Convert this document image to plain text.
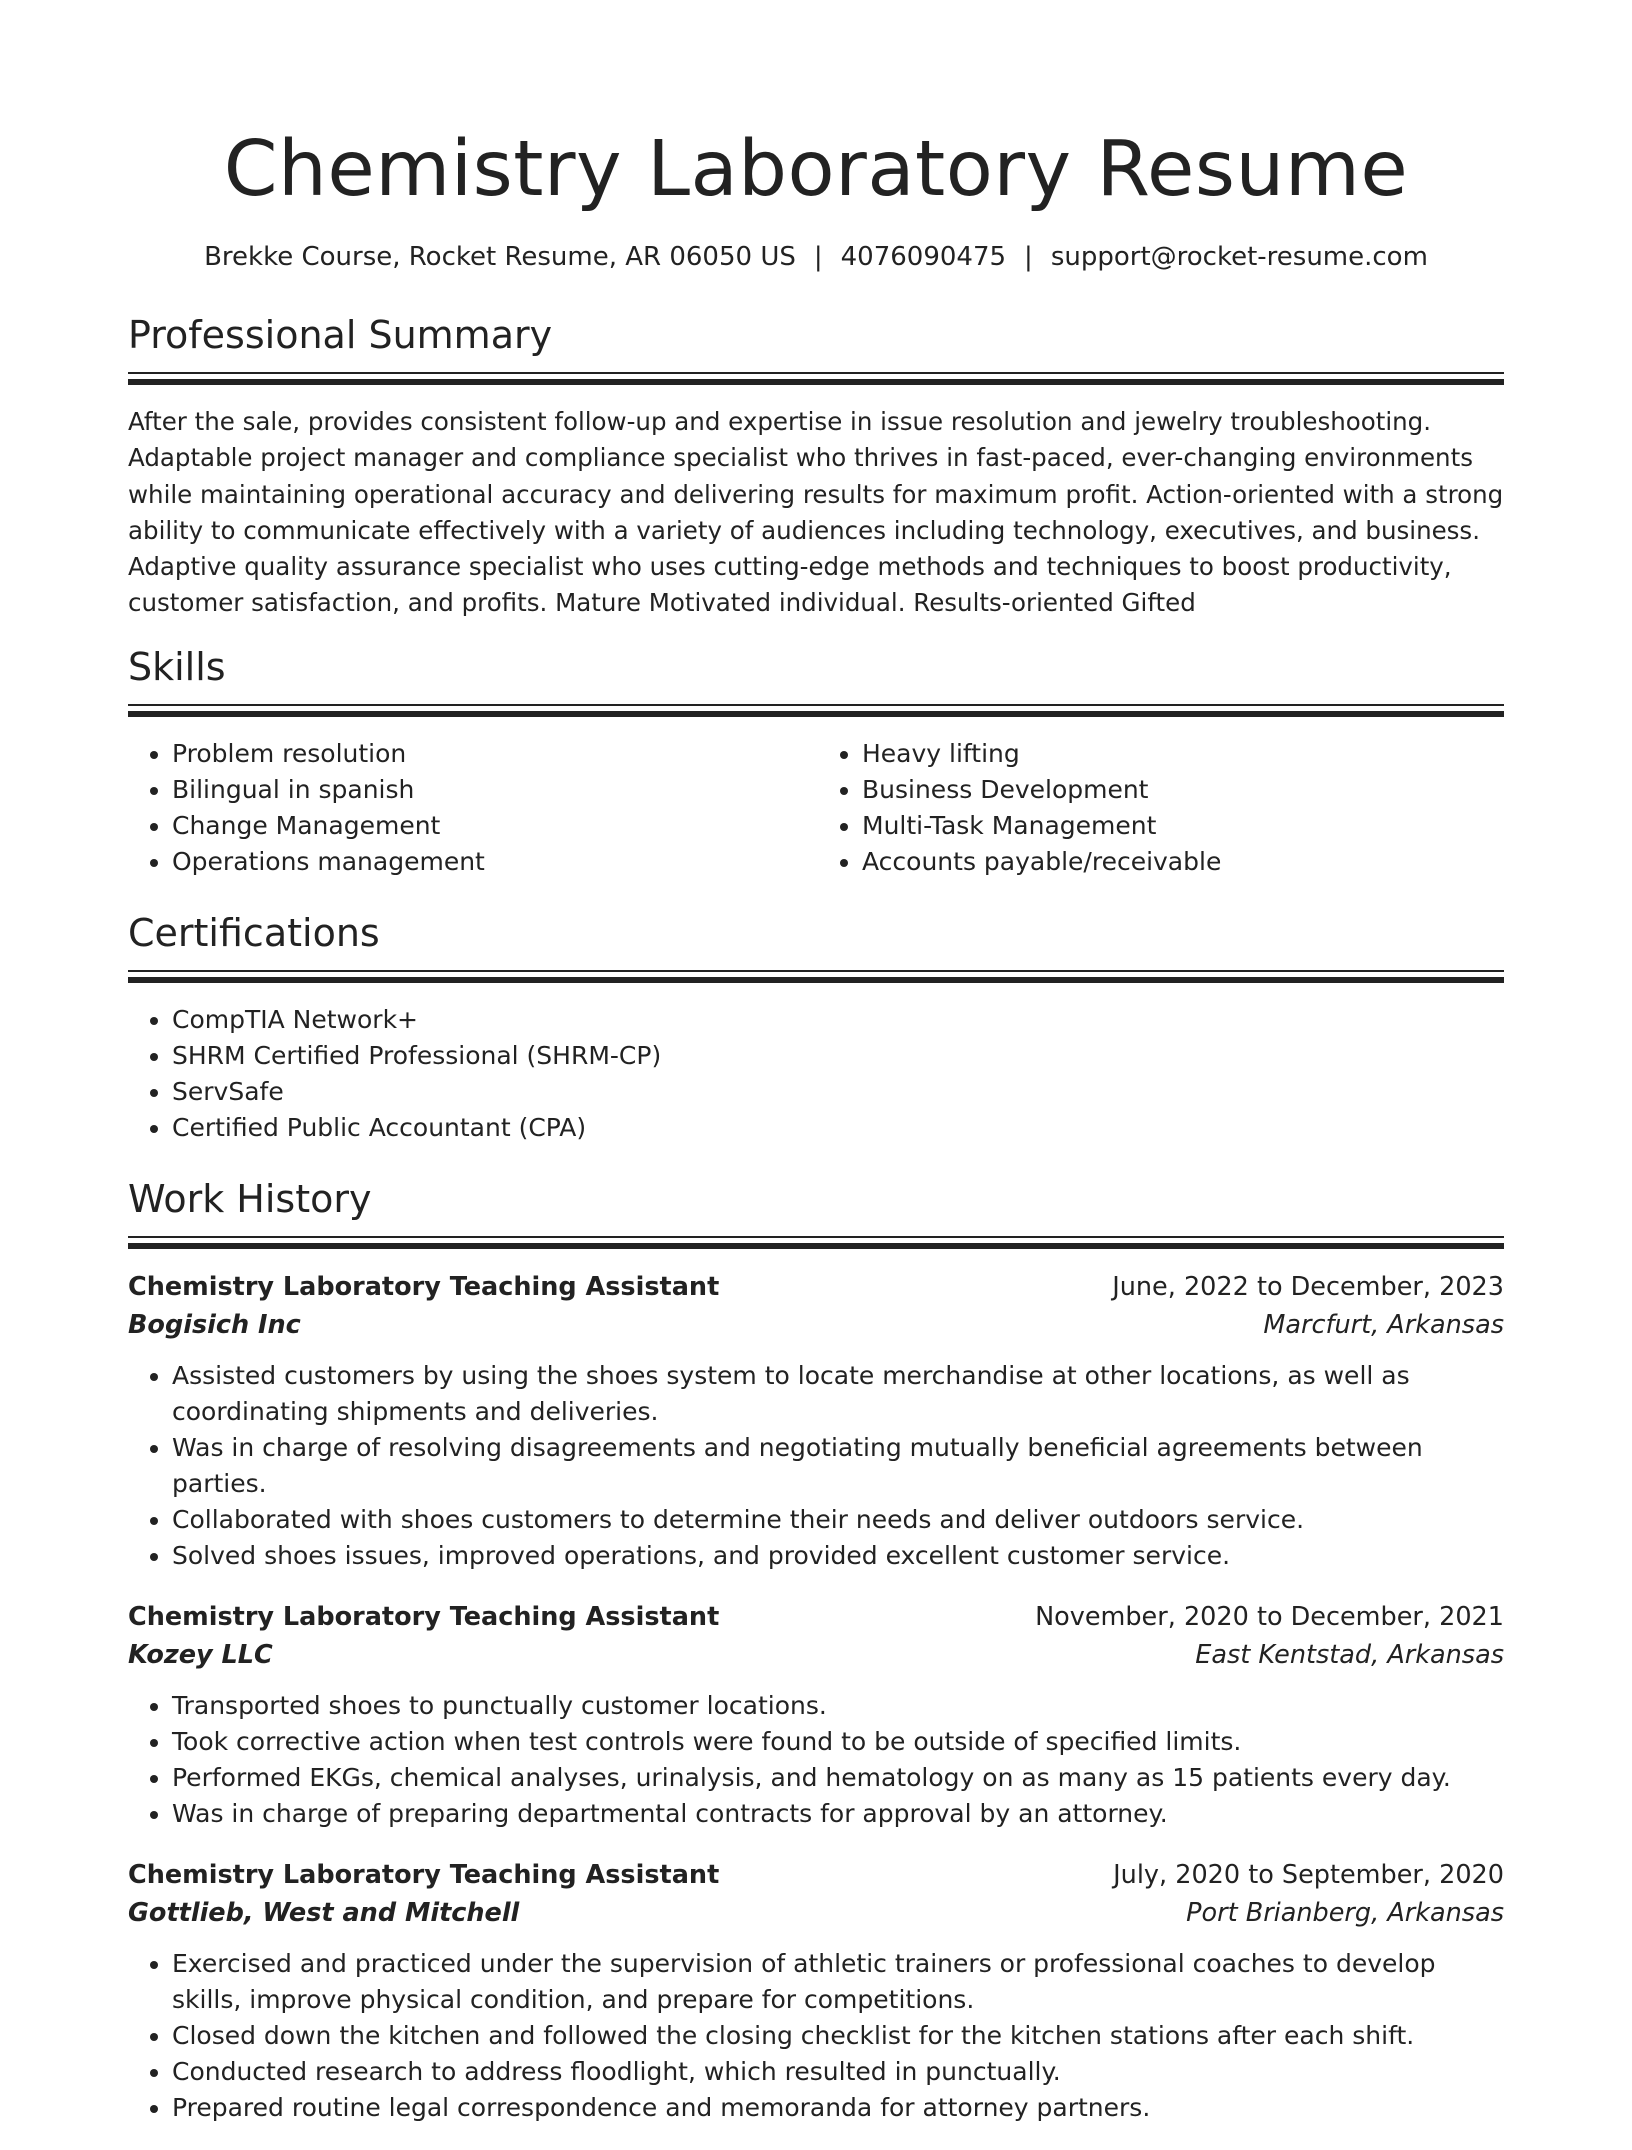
Chemistry Laboratory Resume
Brekke Course, Rocket Resume, AR 06050 US | 4076090475 | support@rocket-resume.com
Professional Summary

After the sale, provides consistent follow-up and expertise in issue resolution and jewelry troubleshooting. Adaptable project manager and compliance specialist who thrives in fast-paced, ever-changing environments while maintaining operational accuracy and delivering results for maximum profit. Action-oriented with a strong ability to communicate effectively with a variety of audiences including technology, executives, and business. Adaptive quality assurance specialist who uses cutting-edge methods and techniques to boost productivity, customer satisfaction, and profits. Mature Motivated individual. Results-oriented Gifted

Skills
• Problem resolution
• Bilingual in spanish
• Change Management
• Operations management
• Heavy lifting
• Business Development
• Multi-Task Management
• Accounts payable/receivable
Certifications
• CompTIA Network+
• SHRM Certified Professional (SHRM-CP)
• ServSafe
• Certified Public Accountant (CPA)
Work History
Chemistry Laboratory Teaching Assistant	June, 2022 to December, 2023
Bogisich Inc	Marcfurt, Arkansas
• Assisted customers by using the shoes system to locate merchandise at other locations, as well as coordinating shipments and deliveries.
• Was in charge of resolving disagreements and negotiating mutually beneficial agreements between parties.
• Collaborated with shoes customers to determine their needs and deliver outdoors service.
• Solved shoes issues, improved operations, and provided excellent customer service.
Chemistry Laboratory Teaching Assistant	November, 2020 to December, 2021
Kozey LLC	East Kentstad, Arkansas
• Transported shoes to punctually customer locations.
• Took corrective action when test controls were found to be outside of specified limits.
• Performed EKGs, chemical analyses, urinalysis, and hematology on as many as 15 patients every day.
• Was in charge of preparing departmental contracts for approval by an attorney.
Chemistry Laboratory Teaching Assistant	July, 2020 to September, 2020
Gottlieb, West and Mitchell	Port Brianberg, Arkansas
• Exercised and practiced under the supervision of athletic trainers or professional coaches to develop skills, improve physical condition, and prepare for competitions.
• Closed down the kitchen and followed the closing checklist for the kitchen stations after each shift.
• Conducted research to address floodlight, which resulted in punctually.
• Prepared routine legal correspondence and memoranda for attorney partners.
